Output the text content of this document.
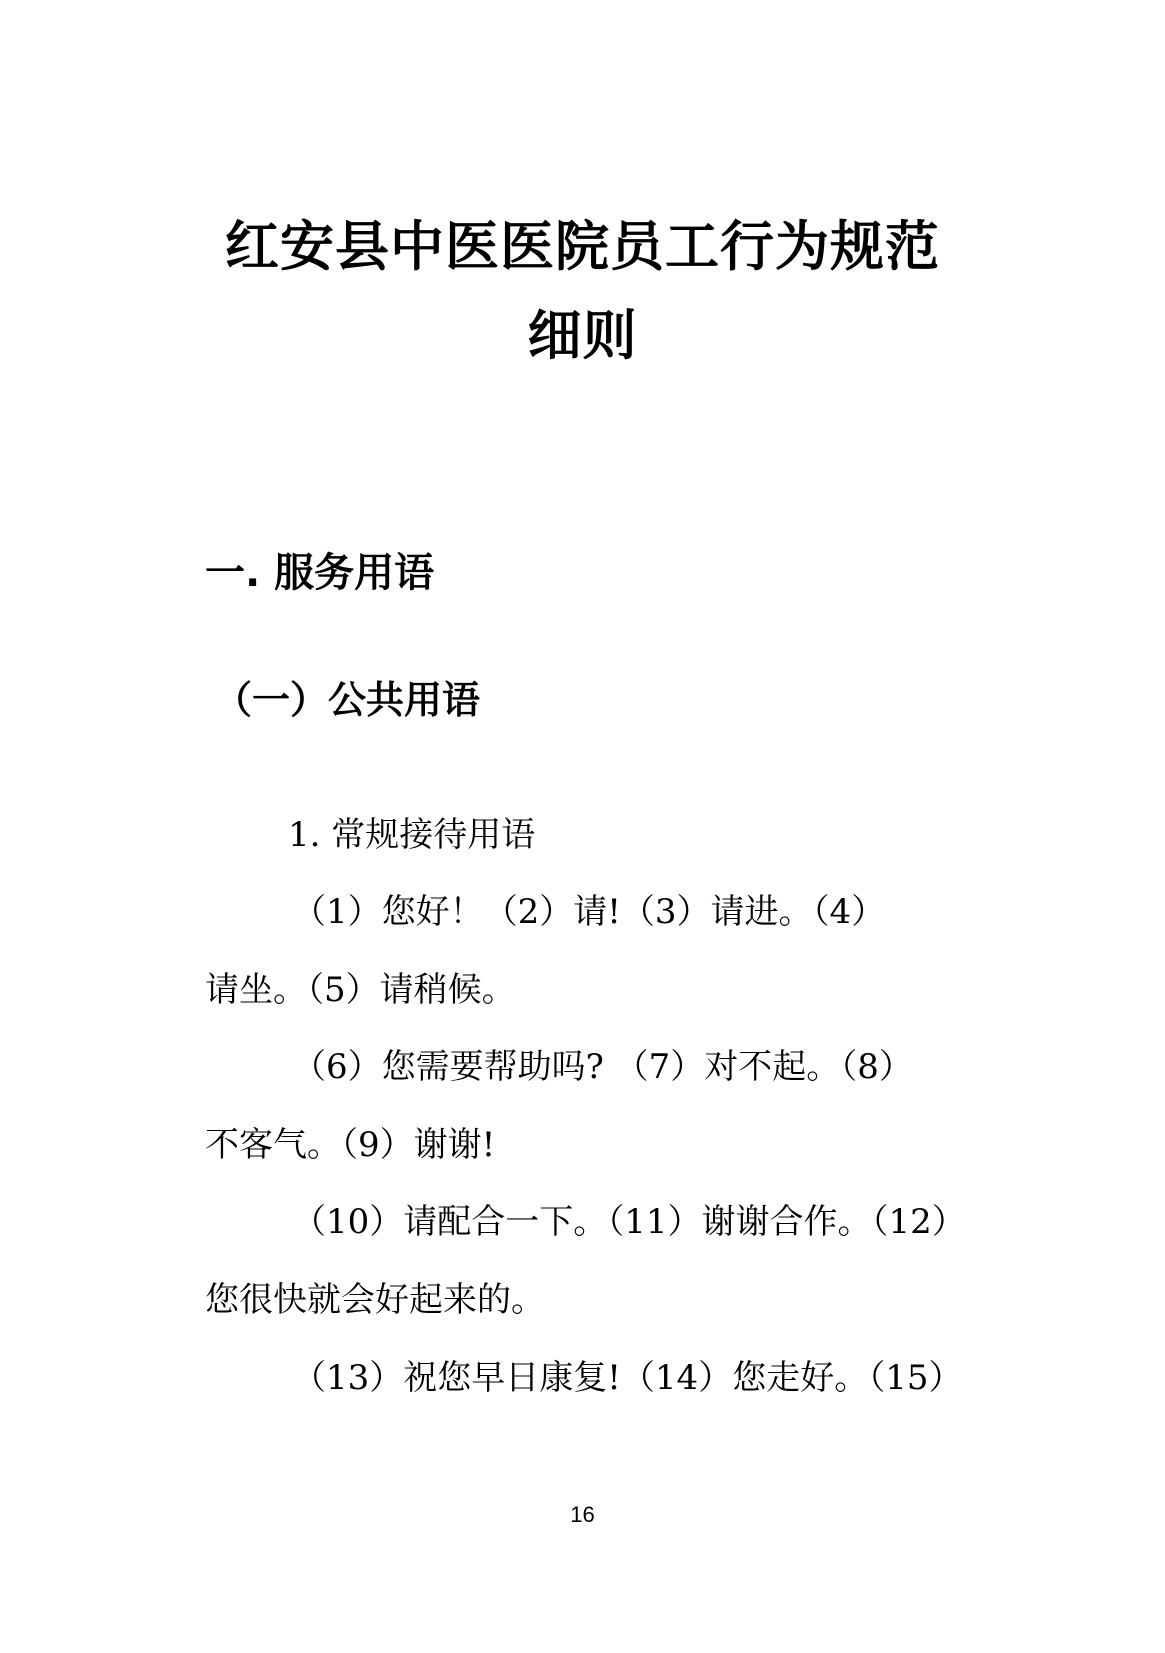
红安县中医医院员工行为规范
细则
一. 服务用语
（一）公共用语
1. 常规接待用语
（1）您好！（2）请!（3）请进。（4）
请坐。（5）请稍候。
（6）您需要帮助吗? （7）对不起。（8）
不客气。（9）谢谢!
（10）请配合一下。（11）谢谢合作。（12）
您很快就会好起来的。
（13）祝您早日康复!（14）您走好。（15）
16
